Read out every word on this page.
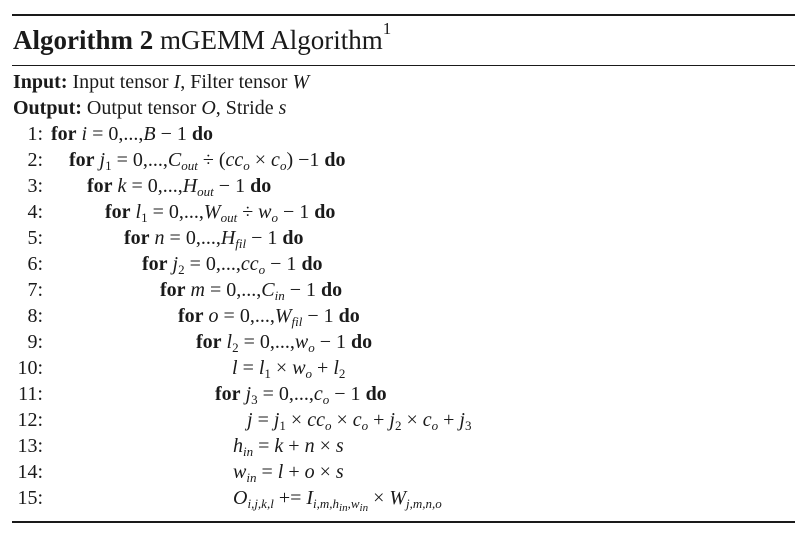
Algorithm 2 mGEMM Algorithm$^1$
Input: Input tensor I, Filter tensor W
Output: Output tensor O, Stride s
1: for i = 0,...,B − 1 do
2: for $j_1 = 0,...,C_{out} \div (cc_o \times c_o) -1$ do
3: for $k = 0,...,H_{out} - 1$ do
4:	for $l_1 = 0,...,W_{out} \div w_o - 1$ do
5:	for $n = 0,...,H_{fil} - 1$ do
6:	for $j_2 = 0,...,cc_o - 1$ do
7:	for $m = 0,...,C_{in} - 1$ do
8:	for $o = 0,...,W_{fil} - 1$ do
9:	for $l_2 = 0,...,w_o - 1$ do
10:	$l = l_1 \times w_o + l_2$
11:	for $j_3 = 0,...,c_o - 1$ do
12:	$j = j_1 \times cc_o \times c_o + j_2 \times c_o + j_3$
13:	$h_{in} = k + n \times s$
14:	$w_{in} = l + o \times s$
15:	$O_{i,j,k,l} += I_{i,m,h_{in},w_{in}} \times W_{j,m,n,o}$
